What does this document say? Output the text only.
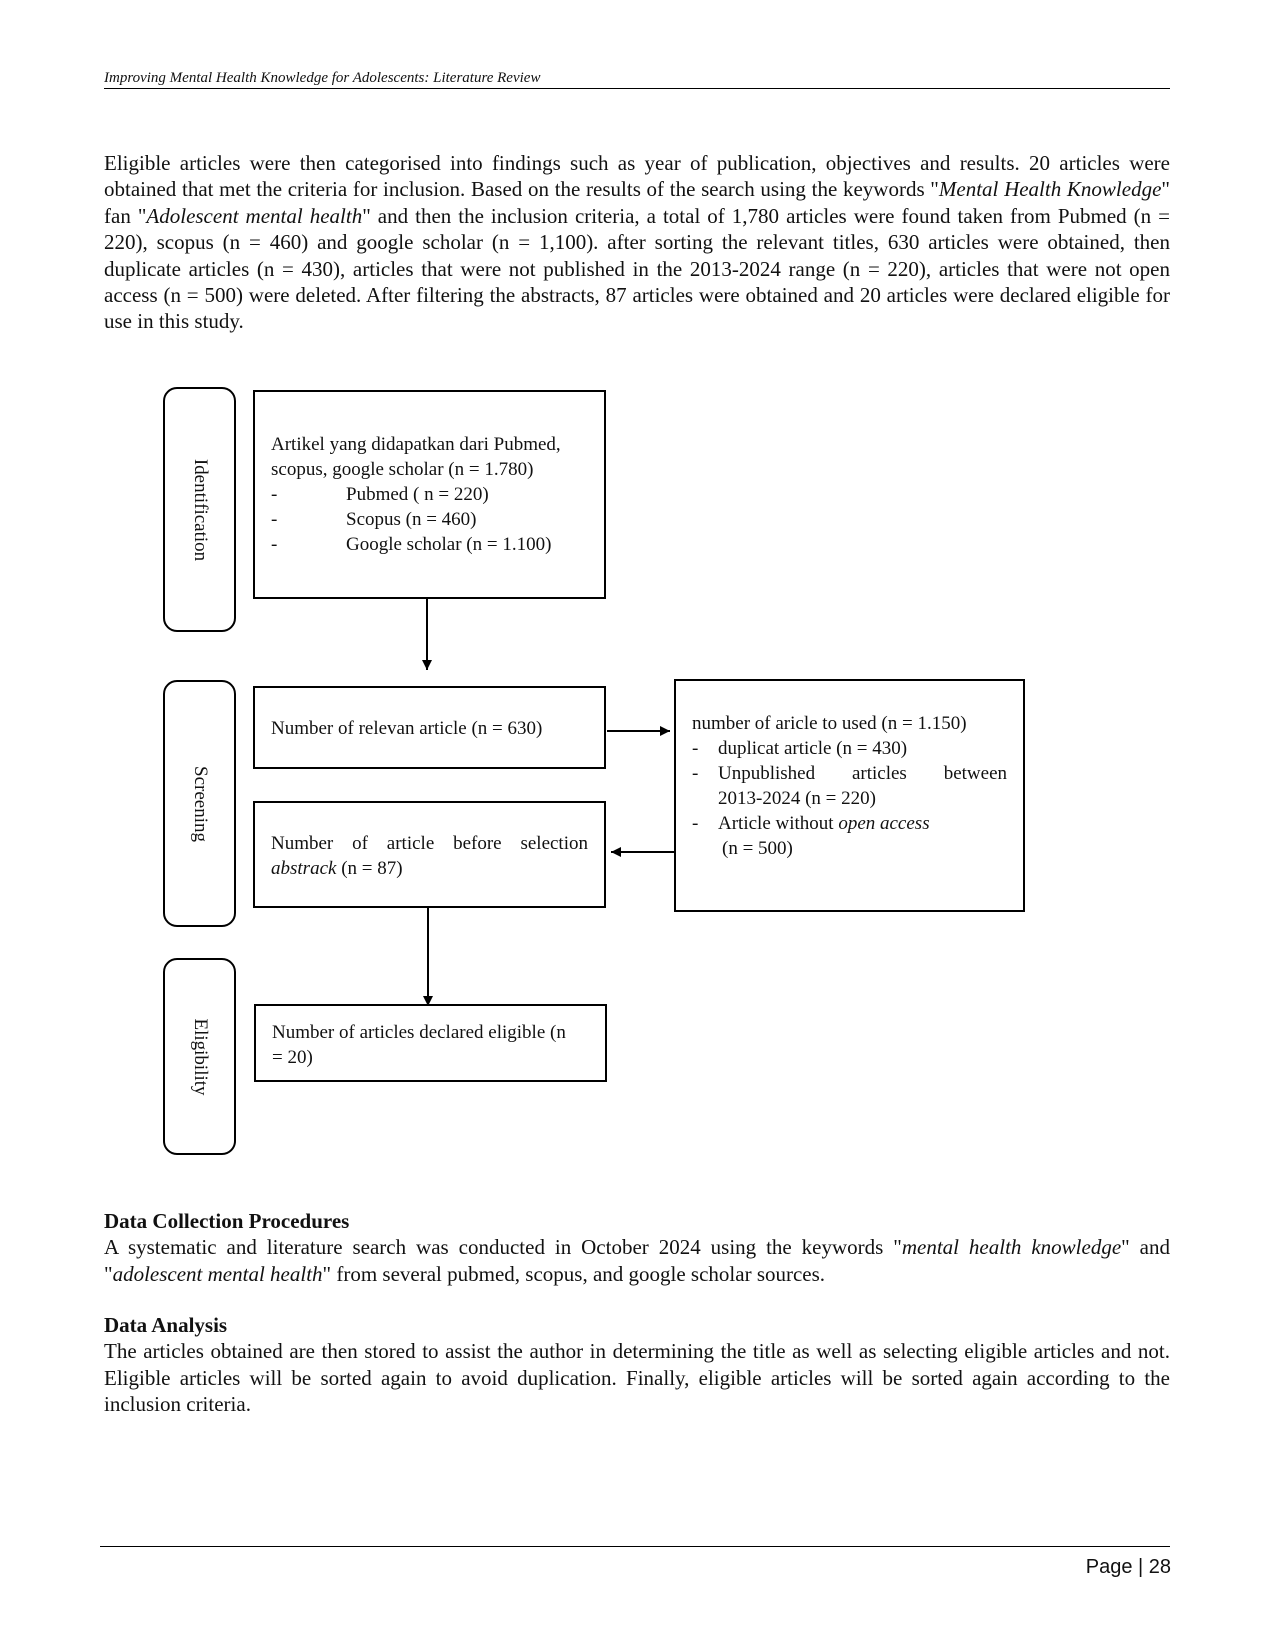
Improving Mental Health Knowledge for Adolescents: Literature Review

Eligible articles were then categorised into findings such as year of publication, objectives and results. 20 articles were obtained that met the criteria for inclusion. Based on the results of the search using the keywords "Mental Health Knowledge" fan "Adolescent mental health" and then the inclusion criteria, a total of 1,780 articles were found taken from Pubmed (n = 220), scopus (n = 460) and google scholar (n = 1,100). after sorting the relevant titles, 630 articles were obtained, then duplicate articles (n = 430), articles that were not published in the 2013-2024 range (n = 220), articles that were not open access (n = 500) were deleted. After filtering the abstracts, 87 articles were obtained and 20 articles were declared eligible for use in this study.

Identification
Screening
Eligibility
Artikel yang didapatkan dari Pubmed,
scopus, google scholar (n = 1.780)
-	Pubmed ( n = 220)
-	Scopus (n = 460)
-	Google scholar (n = 1.100)
Number of relevan article (n = 630)
Number of article before selection
abstrack (n = 87)
Number of articles declared eligible (n
= 20)
number of aricle to used (n = 1.150)
-	duplicat article (n = 430)
-	Unpublished articles between
2013-2024 (n = 220)
-	Article without open access
(n = 500)

Data Collection Procedures

A systematic and literature search was conducted in October 2024 using the keywords "mental health knowledge" and "adolescent mental health" from several pubmed, scopus, and google scholar sources.

Data Analysis

The articles obtained are then stored to assist the author in determining the title as well as selecting eligible articles and not. Eligible articles will be sorted again to avoid duplication. Finally, eligible articles will be sorted again according to the inclusion criteria.

Page | 28
